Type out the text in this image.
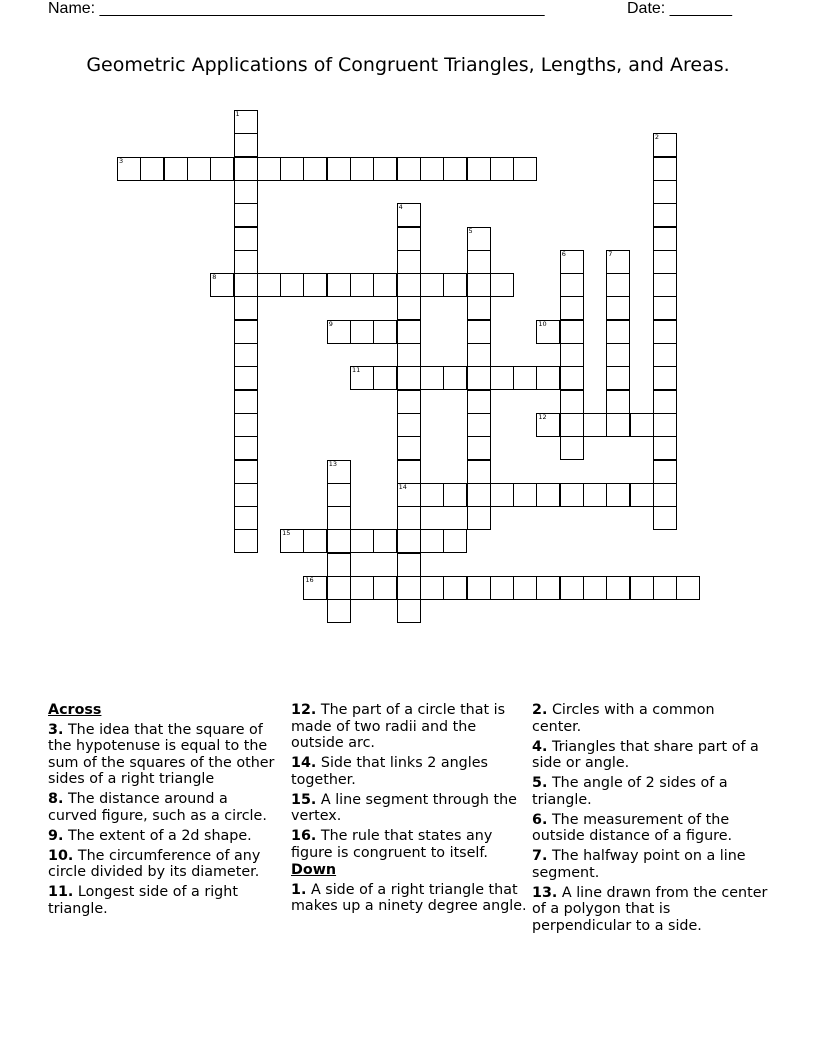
Name: __________________________________________________	Date: _______
Geometric Applications of Congruent Triangles, Lengths, and Areas.
1
2
3
4
14
5
6	7
8
9	10
11
12
13
15
16
Across
3. The idea that the square of the hypotenuse is equal to the sum of the squares of the other sides of a right triangle
8. The distance around a curved figure, such as a circle.
9. The extent of a 2d shape.
10. The circumference of any circle divided by its diameter.
11. Longest side of a right triangle.
12. The part of a circle that is made of two radii and the outside arc.
14. Side that links 2 angles together.
15. A line segment through the vertex.
16. The rule that states any figure is congruent to itself.
Down
1. A side of a right triangle that makes up a ninety degree angle.
2. Circles with a common center.
4. Triangles that share part of a side or angle.
5. The angle of 2 sides of a triangle.
6. The measurement of the outside distance of a figure.
7. The halfway point on a line segment.
13. A line drawn from the center of a polygon that is perpendicular to a side.
